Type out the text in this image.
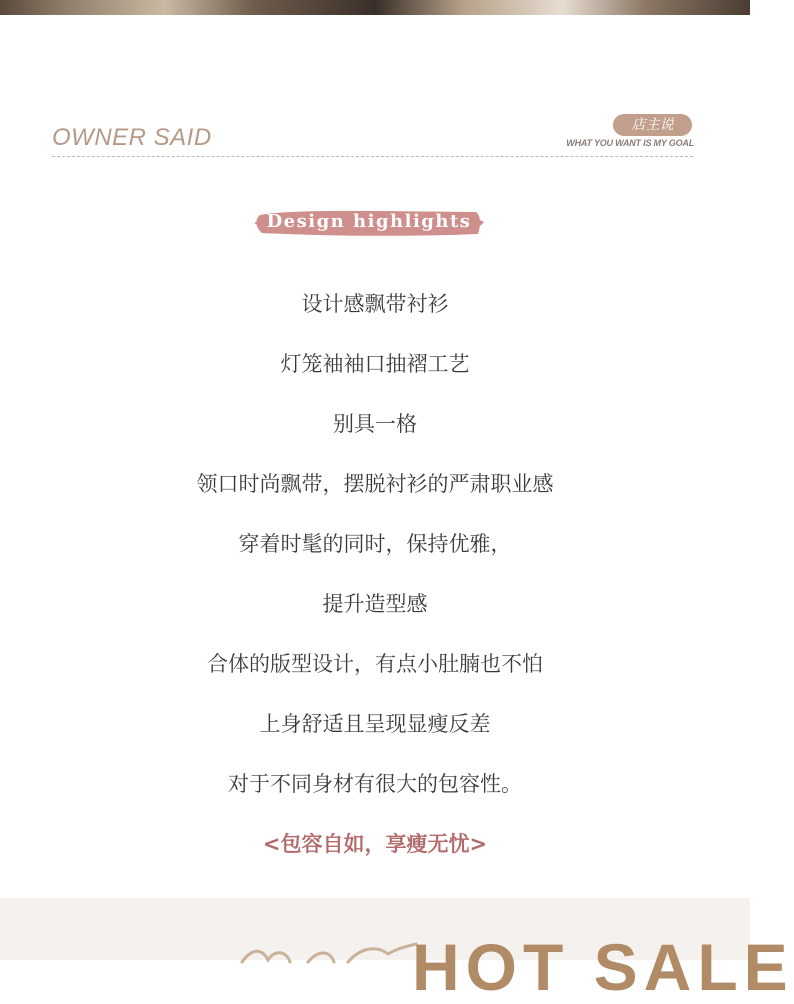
OWNER SAID	店主说
WHAT YOU WANT IS MY GOAL
Design highlights
设计感飘带衬衫
灯笼袖袖口抽褶工艺
别具一格
领口时尚飘带，摆脱衬衫的严肃职业感
穿着时髦的同时，保持优雅，
提升造型感
合体的版型设计，有点小肚腩也不怕
上身舒适且呈现显瘦反差
对于不同身材有很大的包容性。
<包容自如，享瘦无忧>
HOT SALE
